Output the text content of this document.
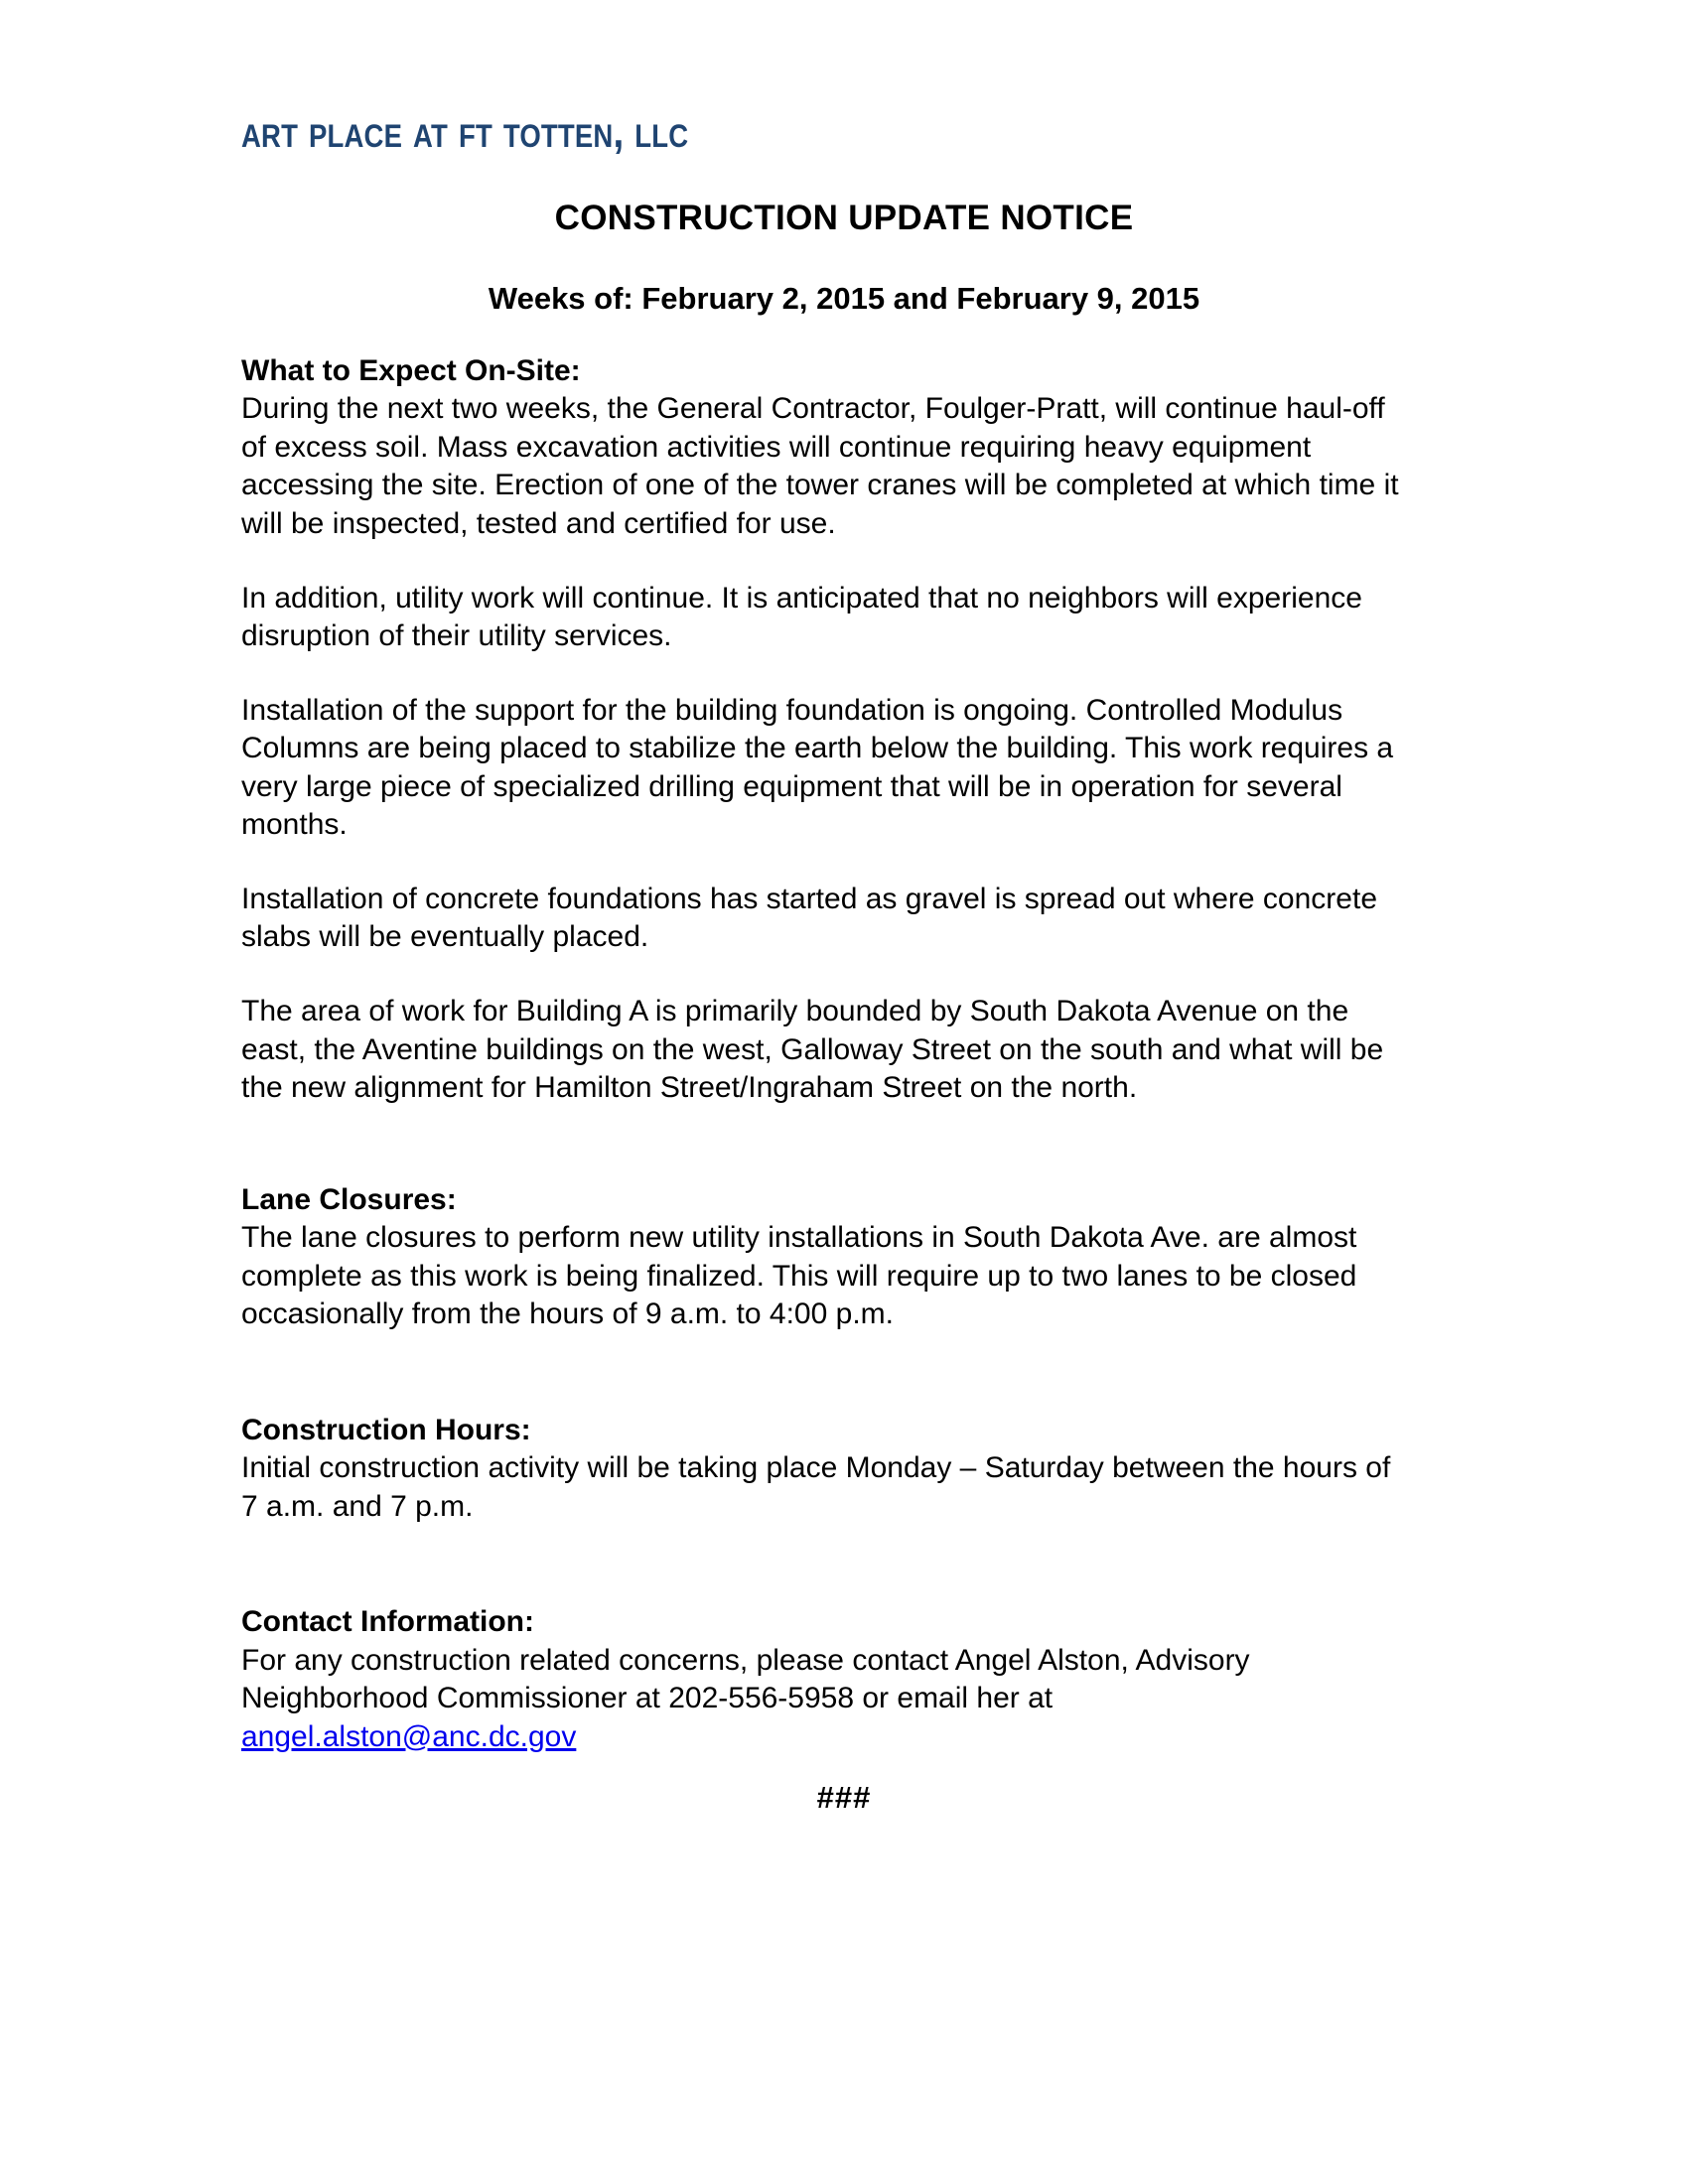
art place at ft totten, llc
CONSTRUCTION UPDATE NOTICE
Weeks of: February 2, 2015 and February 9, 2015
What to Expect On-Site:
During the next two weeks, the General Contractor, Foulger-Pratt, will continue haul-off of excess soil. Mass excavation activities will continue requiring heavy equipment accessing the site. Erection of one of the tower cranes will be completed at which time it will be inspected, tested and certified for use.
In addition, utility work will continue. It is anticipated that no neighbors will experience disruption of their utility services.
Installation of the support for the building foundation is ongoing. Controlled Modulus Columns are being placed to stabilize the earth below the building. This work requires a very large piece of specialized drilling equipment that will be in operation for several months.
Installation of concrete foundations has started as gravel is spread out where concrete slabs will be eventually placed.
The area of work for Building A is primarily bounded by South Dakota Avenue on the east, the Aventine buildings on the west, Galloway Street on the south and what will be the new alignment for Hamilton Street/Ingraham Street on the north.
Lane Closures:
The lane closures to perform new utility installations in South Dakota Ave. are almost complete as this work is being finalized. This will require up to two lanes to be closed occasionally from the hours of 9 a.m. to 4:00 p.m.
Construction Hours:
Initial construction activity will be taking place Monday – Saturday between the hours of 7 a.m. and 7 p.m.
Contact Information:
For any construction related concerns, please contact Angel Alston, Advisory Neighborhood Commissioner at 202-556-5958 or email her at
angel.alston@anc.dc.gov
###
